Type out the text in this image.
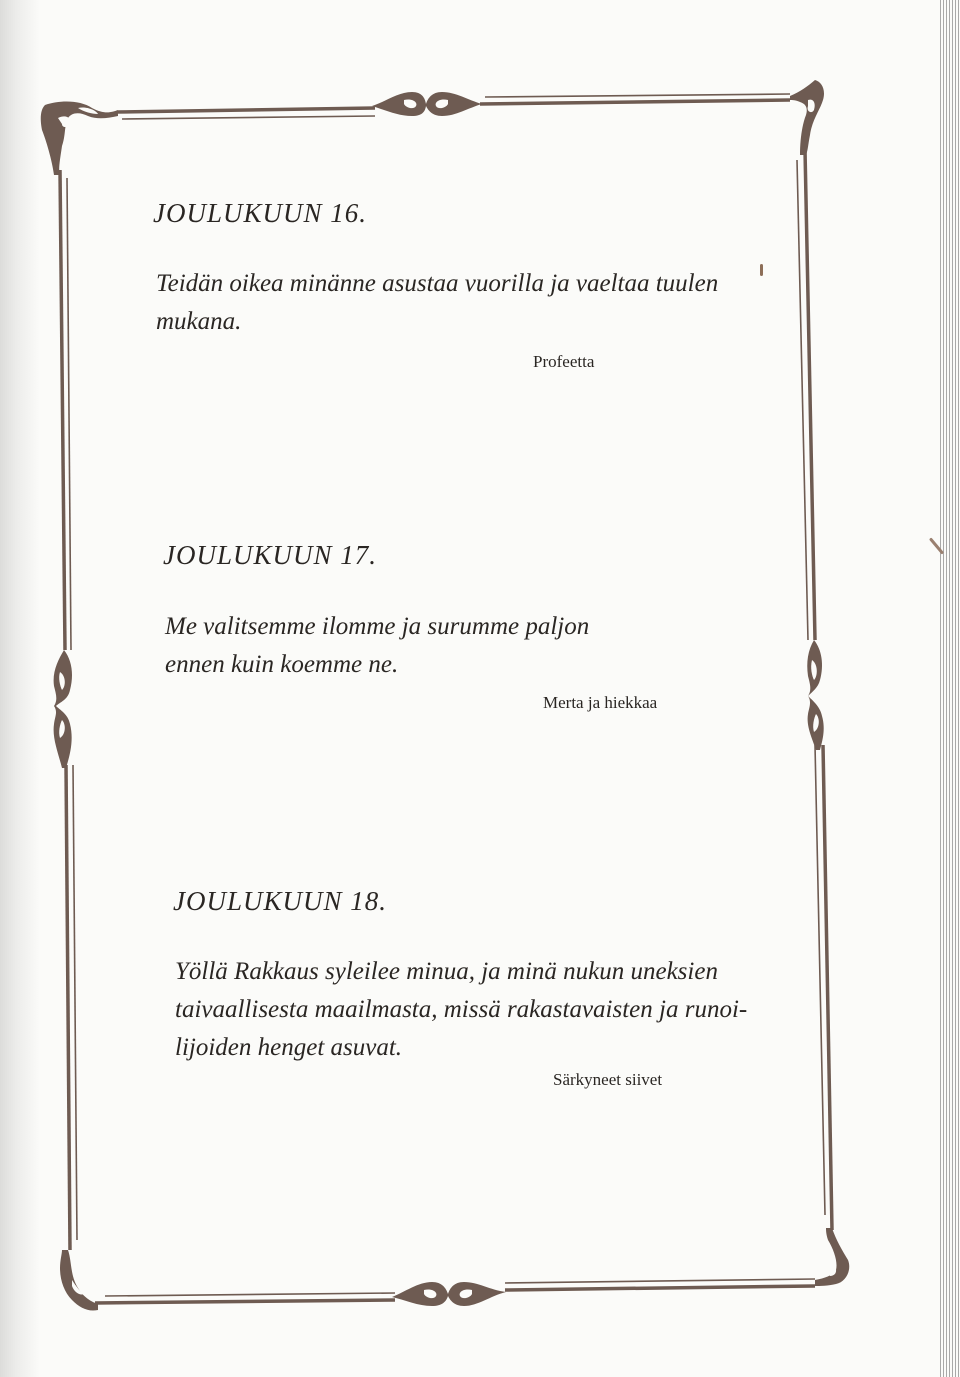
JOULUKUUN 16.
Teidän oikea minänne asustaa vuorilla ja vaeltaa tuulen
mukana.
Profeetta
JOULUKUUN 17.
Me valitsemme ilomme ja surumme paljon
ennen kuin koemme ne.
Merta ja hiekkaa
JOULUKUUN 18.
Yöllä Rakkaus syleilee minua, ja minä nukun uneksien
taivaallisesta maailmasta, missä rakastavaisten ja runoi-
lijoiden henget asuvat.
Särkyneet siivet
